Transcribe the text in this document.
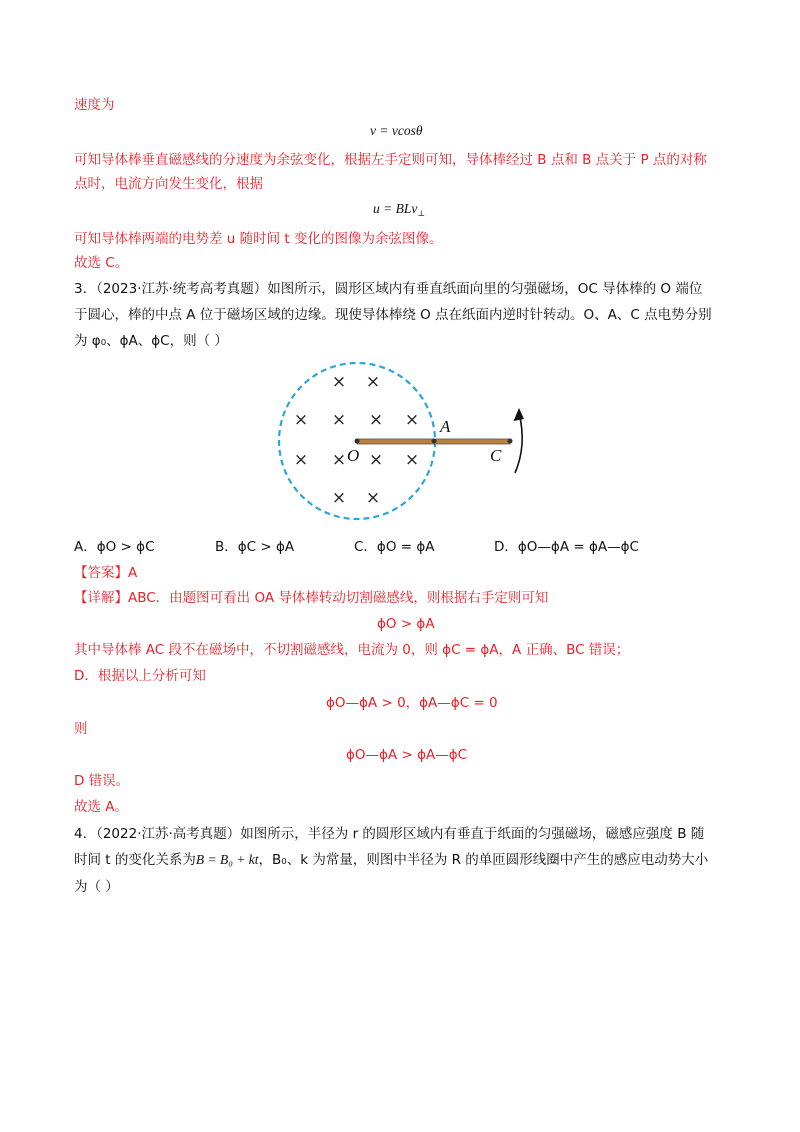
速度为
v = vcosθ
可知导体棒垂直磁感线的分速度为余弦变化，根据左手定则可知，导体棒经过 B 点和 B 点关于 P 点的对称
点时，电流方向发生变化，根据
u = BLv$_\perp$
可知导体棒两端的电势差 u 随时间 t 变化的图像为余弦图像。
故选 C。
3．（2023·江苏·统考高考真题）如图所示，圆形区域内有垂直纸面向里的匀强磁场，OC 导体棒的 O 端位
于圆心，棒的中点 A 位于磁场区域的边缘。现使导体棒绕 O 点在纸面内逆时针转动。O、A、C 点电势分别
为 φ₀、ϕA、ϕC，则（ ）
× ×
× × × ×
× × × ×
× ×
O
A
C
A．ϕO > ϕC	B．ϕC > ϕA	C．ϕO = ϕA	D．ϕO—ϕA = ϕA—ϕC
【答案】A
【详解】ABC．由题图可看出 OA 导体棒转动切割磁感线，则根据右手定则可知
ϕO > ϕA
其中导体棒 AC 段不在磁场中，不切割磁感线，电流为 0，则 ϕC = ϕA，A 正确、BC 错误；
D．根据以上分析可知
ϕO—ϕA > 0，ϕA—ϕC = 0
则
ϕO—ϕA > ϕA—ϕC
D 错误。
故选 A。
4．（2022·江苏·高考真题）如图所示，半径为 r 的圆形区域内有垂直于纸面的匀强磁场，磁感应强度 B 随
时间 t 的变化关系为B = B₀ + kt，B₀、k 为常量，则图中半径为 R 的单匝圆形线圈中产生的感应电动势大小
为（ ）
